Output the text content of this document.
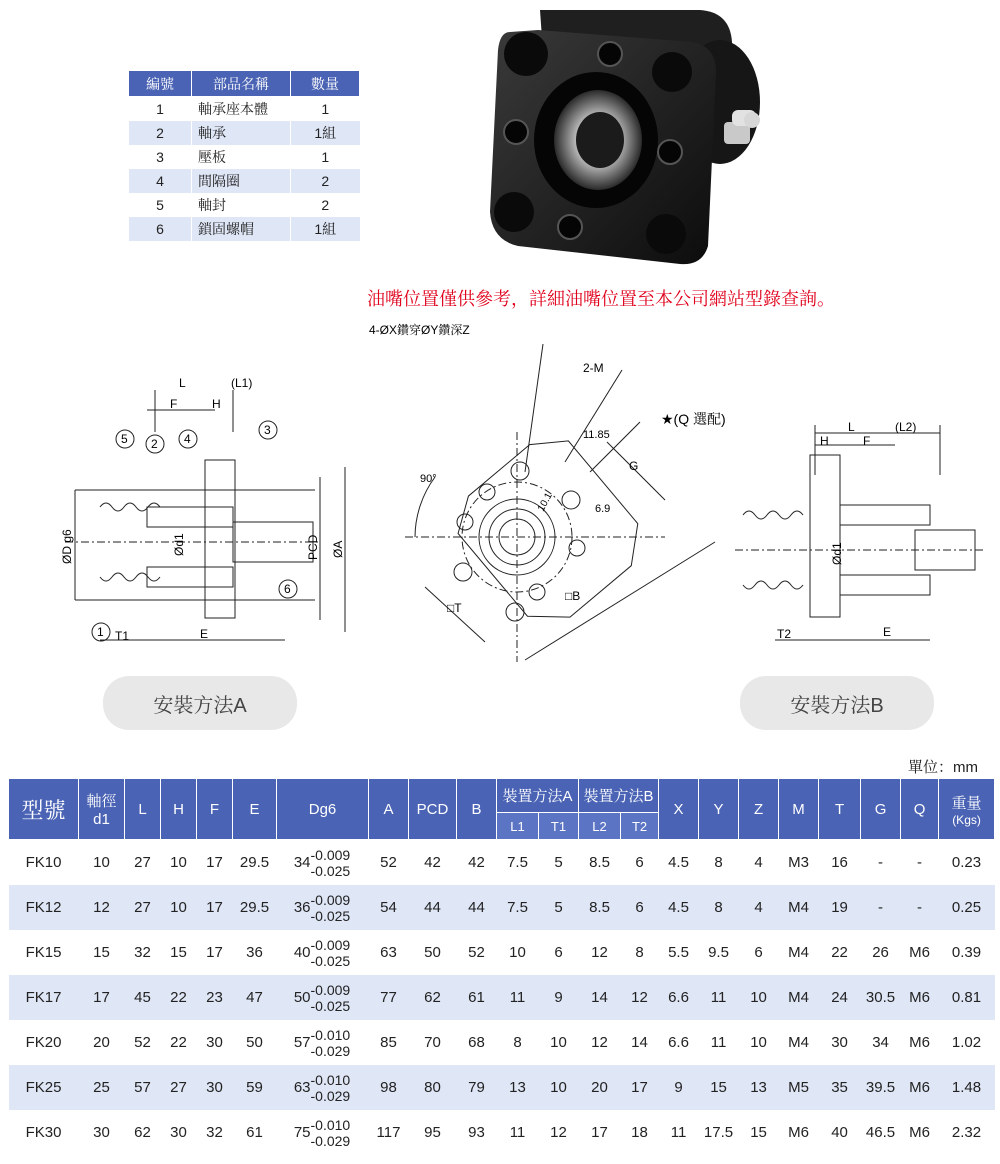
編號	部品名稱	數量
1	軸承座本體	1
2	軸承	1組
3	壓板	1
4	間隔圈	2
5	軸封	2
6	鎖固螺帽	1組
油嘴位置僅供參考，詳細油嘴位置至本公司網站型錄查詢。
L	(L1)
F	H
T1	E
PCD ØA
ØD g6	Ød1
5 2 4
3
1
6
4-ØX鑽穿ØY鑽深Z
2-M
★(Q 選配)
11.85
G
6.9
10.1
90°
□T
□B
L	(L2)
H	F
Ød1
T2	E
安裝方法A	安裝方法B
單位：mm
型號	軸徑 d1	L	H	F	E	Dg6		A	PCD	B	裝置方法A		裝置方法B		X	Y	Z	M	T	G	Q	重量
(Kgs)

											L1	T1	L2	T2								
FK10	10	27	10	17	29.5	34	-0.009
-0.025	52	42	42	7.5	5	8.5	6	4.5	8	4	M3	16	-	-	0.23
FK12	12	27	10	17	29.5	36	-0.009
-0.025	54	44	44	7.5	5	8.5	6	4.5	8	4	M4	19	-	-	0.25
FK15	15	32	15	17	36	40	-0.009
-0.025	63	50	52	10	6	12	8	5.5	9.5	6	M4	22	26	M6	0.39
FK17	17	45	22	23	47	50	-0.009
-0.025	77	62	61	11	9	14	12	6.6	11	10	M4	24	30.5	M6	0.81
FK20	20	52	22	30	50	57	-0.010
-0.029	85	70	68	8	10	12	14	6.6	11	10	M4	30	34	M6	1.02
FK25	25	57	27	30	59	63	-0.010
-0.029	98	80	79	13	10	20	17	9	15	13	M5	35	39.5	M6	1.48
FK30	30	62	30	32	61	75	-0.010
-0.029	117	95	93	11	12	17	18	11	17.5	15	M6	40	46.5	M6	2.32
